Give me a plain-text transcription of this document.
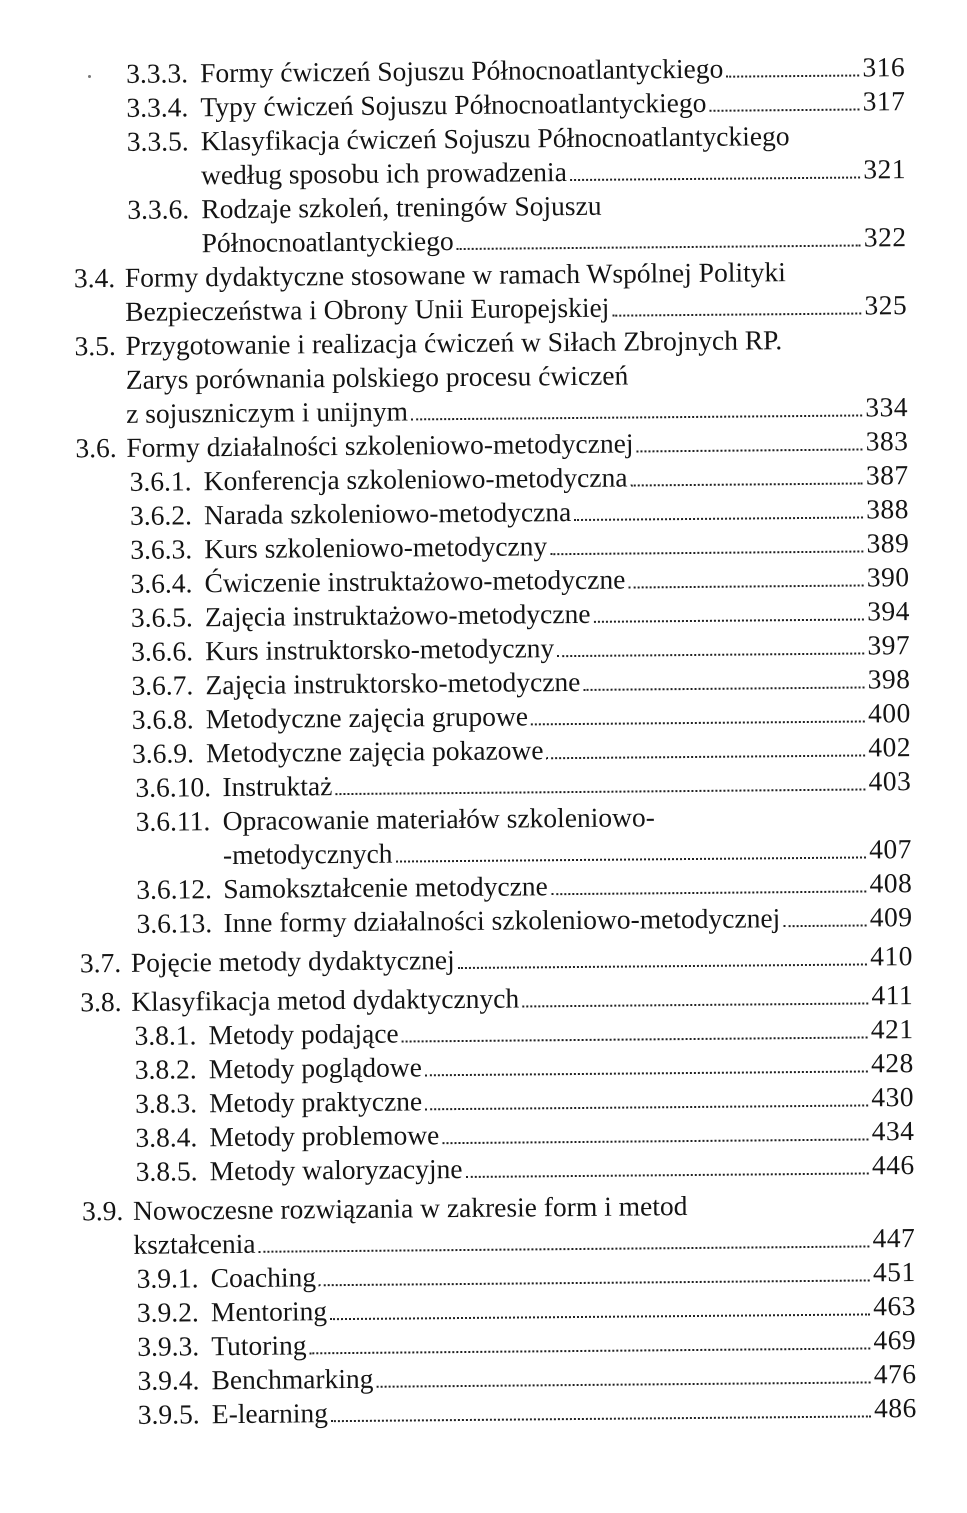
3.3.3. Formy ćwiczeń Sojuszu Północnoatlantyckiego	316
3.3.4. Typy ćwiczeń Sojuszu Północnoatlantyckiego	317
3.3.5. Klasyfikacja ćwiczeń Sojuszu Północnoatlantyckiego
według sposobu ich prowadzenia	321
3.3.6. Rodzaje szkoleń, treningów Sojuszu
Północnoatlantyckiego	322
3.4. Formy dydaktyczne stosowane w ramach Wspólnej Polityki
Bezpieczeństwa i Obrony Unii Europejskiej	325
3.5. Przygotowanie i realizacja ćwiczeń w Siłach Zbrojnych RP.
Zarys porównania polskiego procesu ćwiczeń
z sojuszniczym i unijnym	334
3.6. Formy działalności szkoleniowo-metodycznej	383
3.6.1. Konferencja szkoleniowo-metodyczna	387
3.6.2. Narada szkoleniowo-metodyczna	388
3.6.3. Kurs szkoleniowo-metodyczny	389
3.6.4. Ćwiczenie instruktażowo-metodyczne	390
3.6.5. Zajęcia instruktażowo-metodyczne	394
3.6.6. Kurs instruktorsko-metodyczny	397
3.6.7. Zajęcia instruktorsko-metodyczne	398
3.6.8. Metodyczne zajęcia grupowe	400
3.6.9. Metodyczne zajęcia pokazowe	402
3.6.10. Instruktaż	403
3.6.11. Opracowanie materiałów szkoleniowo-
-metodycznych	407
3.6.12. Samokształcenie metodyczne	408
3.6.13. Inne formy działalności szkoleniowo-metodycznej	409
3.7. Pojęcie metody dydaktycznej	410
3.8. Klasyfikacja metod dydaktycznych	411
3.8.1. Metody podające	421
3.8.2. Metody poglądowe	428
3.8.3. Metody praktyczne	430
3.8.4. Metody problemowe	434
3.8.5. Metody waloryzacyjne	446
3.9. Nowoczesne rozwiązania w zakresie form i metod
kształcenia	447
3.9.1. Coaching	451
3.9.2. Mentoring	463
3.9.3. Tutoring	469
3.9.4. Benchmarking	476
3.9.5. E-learning	486
